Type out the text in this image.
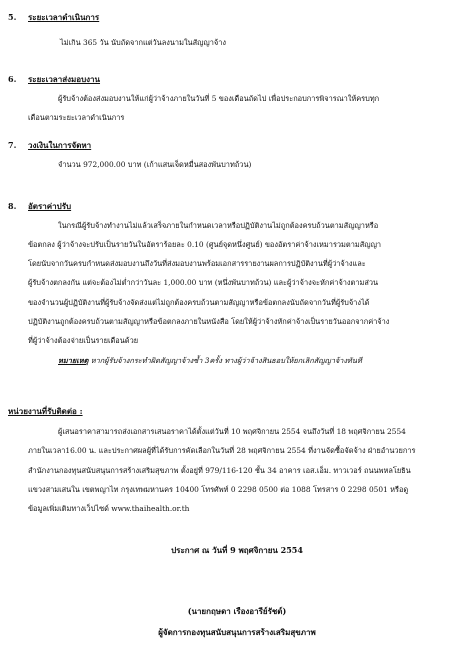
5. ระยะเวลาดำเนินการ
ไม่เกิน 365 วัน นับถัดจากแต่วันลงนามในสัญญาจ้าง
6. ระยะเวลาส่งมอบงาน
ผู้รับจ้างต้องส่งมอบงานให้แก่ผู้ว่าจ้างภายในวันที่ 5 ของเดือนถัดไป เพื่อประกอบการพิจารณาให้ครบทุก
เดือนตามระยะเวลาดำเนินการ
7. วงเงินในการจัดหา
จำนวน 972,000.00 บาท (เก้าแสนเจ็ดหมื่นสองพันบาทถ้วน)
8. อัตราค่าปรับ
ในกรณีผู้รับจ้างทำงานไม่แล้วเสร็จภายในกำหนดเวลาหรือปฏิบัติงานไม่ถูกต้องครบถ้วนตามสัญญาหรือ
ข้อตกลง ผู้ว่าจ้างจะปรับเป็นรายวันในอัตราร้อยละ 0.10 (ศูนย์จุดหนึ่งศูนย์) ของอัตราค่าจ้างเหมารวมตามสัญญา
โดยนับจากวันครบกำหนดส่งมอบงานถึงวันที่ส่งมอบงานพร้อมเอกสารรายงานผลการปฏิบัติงานที่ผู้ว่าจ้างและ
ผู้รับจ้างตกลงกัน แต่จะต้องไม่ต่ำกว่าวันละ 1,000.00 บาท (หนึ่งพันบาทถ้วน) และผู้ว่าจ้างจะหักค่าจ้างตามส่วน
ของจำนวนผู้ปฏิบัติงานที่ผู้รับจ้างจัดส่งแต่ไม่ถูกต้องครบถ้วนตามสัญญาหรือข้อตกลงนับถัดจากวันที่ผู้รับจ้างได้
ปฏิบัติงานถูกต้องครบถ้วนตามสัญญาหรือข้อตกลงภายในหนังสือ โดยให้ผู้ว่าจ้างหักค่าจ้างเป็นรายวันออกจากค่าจ้าง
ที่ผู้ว่าจ้างต้องจ่ายเป็นรายเดือนด้วย
หมายเหตุ หากผู้รับจ้างกระทำผิดสัญญาจ้างซ้ำ 3ครั้ง ทางผู้ว่าจ้างสินธอบให้ยกเลิกสัญญาจ้างทันที
หน่วยงานที่รับติดต่อ :
ผู้เสนอราคาสามารถส่งเอกสารเสนอราคาได้ตั้งแต่วันที่ 10 พฤศจิกายน 2554 จนถึงวันที่ 18 พฤศจิกายน 2554
ภายในเวลา16.00 น. และประกาศผลผู้ที่ได้รับการคัดเลือกในวันที่ 28 พฤศจิกายน 2554 ที่งานจัดซื้อจัดจ้าง ฝ่ายอำนวยการ
สำนักงานกองทุนสนับสนุนการสร้างเสริมสุขภาพ ตั้งอยู่ที่ 979/116-120 ชั้น 34 อาคาร เอส.เอ็ม. ทาวเวอร์ ถนนพหลโยธิน
แขวงสามเสนใน เขตพญาไท กรุงเทพมหานคร 10400 โทรศัพท์ 0 2298 0500 ต่อ 1088 โทรสาร 0 2298 0501 หรือดู
ข้อมูลเพิ่มเติมทางเว็ปไซด์ www.thaihealth.or.th
ประกาศ ณ วันที่ 9 พฤศจิกายน 2554
(นายกฤษดา เรืองอารีย์รัชต์)
ผู้จัดการกองทุนสนับสนุนการสร้างเสริมสุขภาพ
